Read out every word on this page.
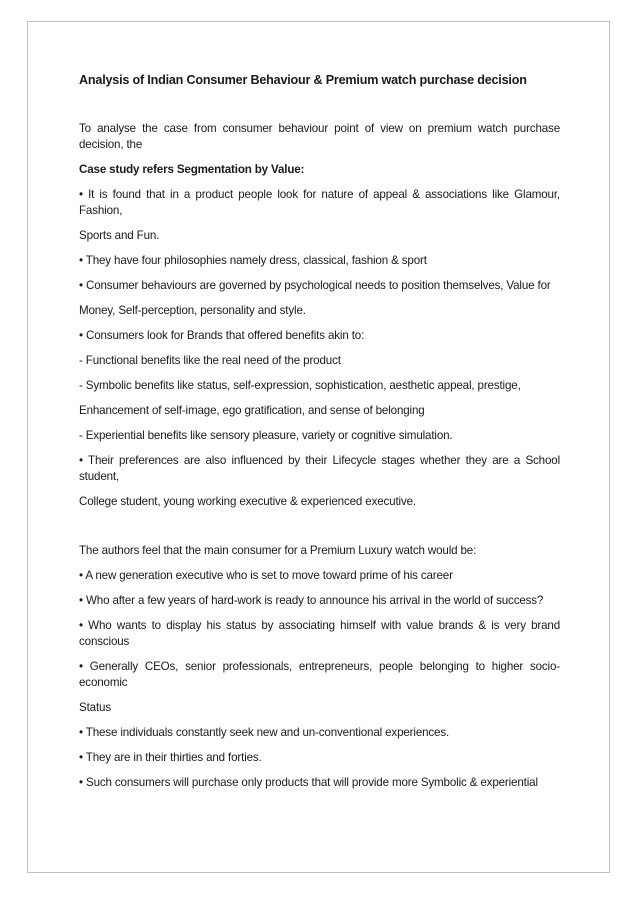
Analysis of Indian Consumer Behaviour & Premium watch purchase decision
To analyse the case from consumer behaviour point of view on premium watch purchase decision, the
Case study refers Segmentation by Value:
• It is found that in a product people look for nature of appeal & associations like Glamour, Fashion,
Sports and Fun.
• They have four philosophies namely dress, classical, fashion & sport
• Consumer behaviours are governed by psychological needs to position themselves, Value for
Money, Self-perception, personality and style.
• Consumers look for Brands that offered benefits akin to:
- Functional benefits like the real need of the product
- Symbolic benefits like status, self-expression, sophistication, aesthetic appeal, prestige,
Enhancement of self-image, ego gratification, and sense of belonging
- Experiential benefits like sensory pleasure, variety or cognitive simulation.
• Their preferences are also influenced by their Lifecycle stages whether they are a School student,
College student, young working executive & experienced executive.
The authors feel that the main consumer for a Premium Luxury watch would be:
• A new generation executive who is set to move toward prime of his career
• Who after a few years of hard-work is ready to announce his arrival in the world of success?
• Who wants to display his status by associating himself with value brands & is very brand conscious
• Generally CEOs, senior professionals, entrepreneurs, people belonging to higher socio-economic
Status
• These individuals constantly seek new and un-conventional experiences.
• They are in their thirties and forties.
• Such consumers will purchase only products that will provide more Symbolic & experiential
